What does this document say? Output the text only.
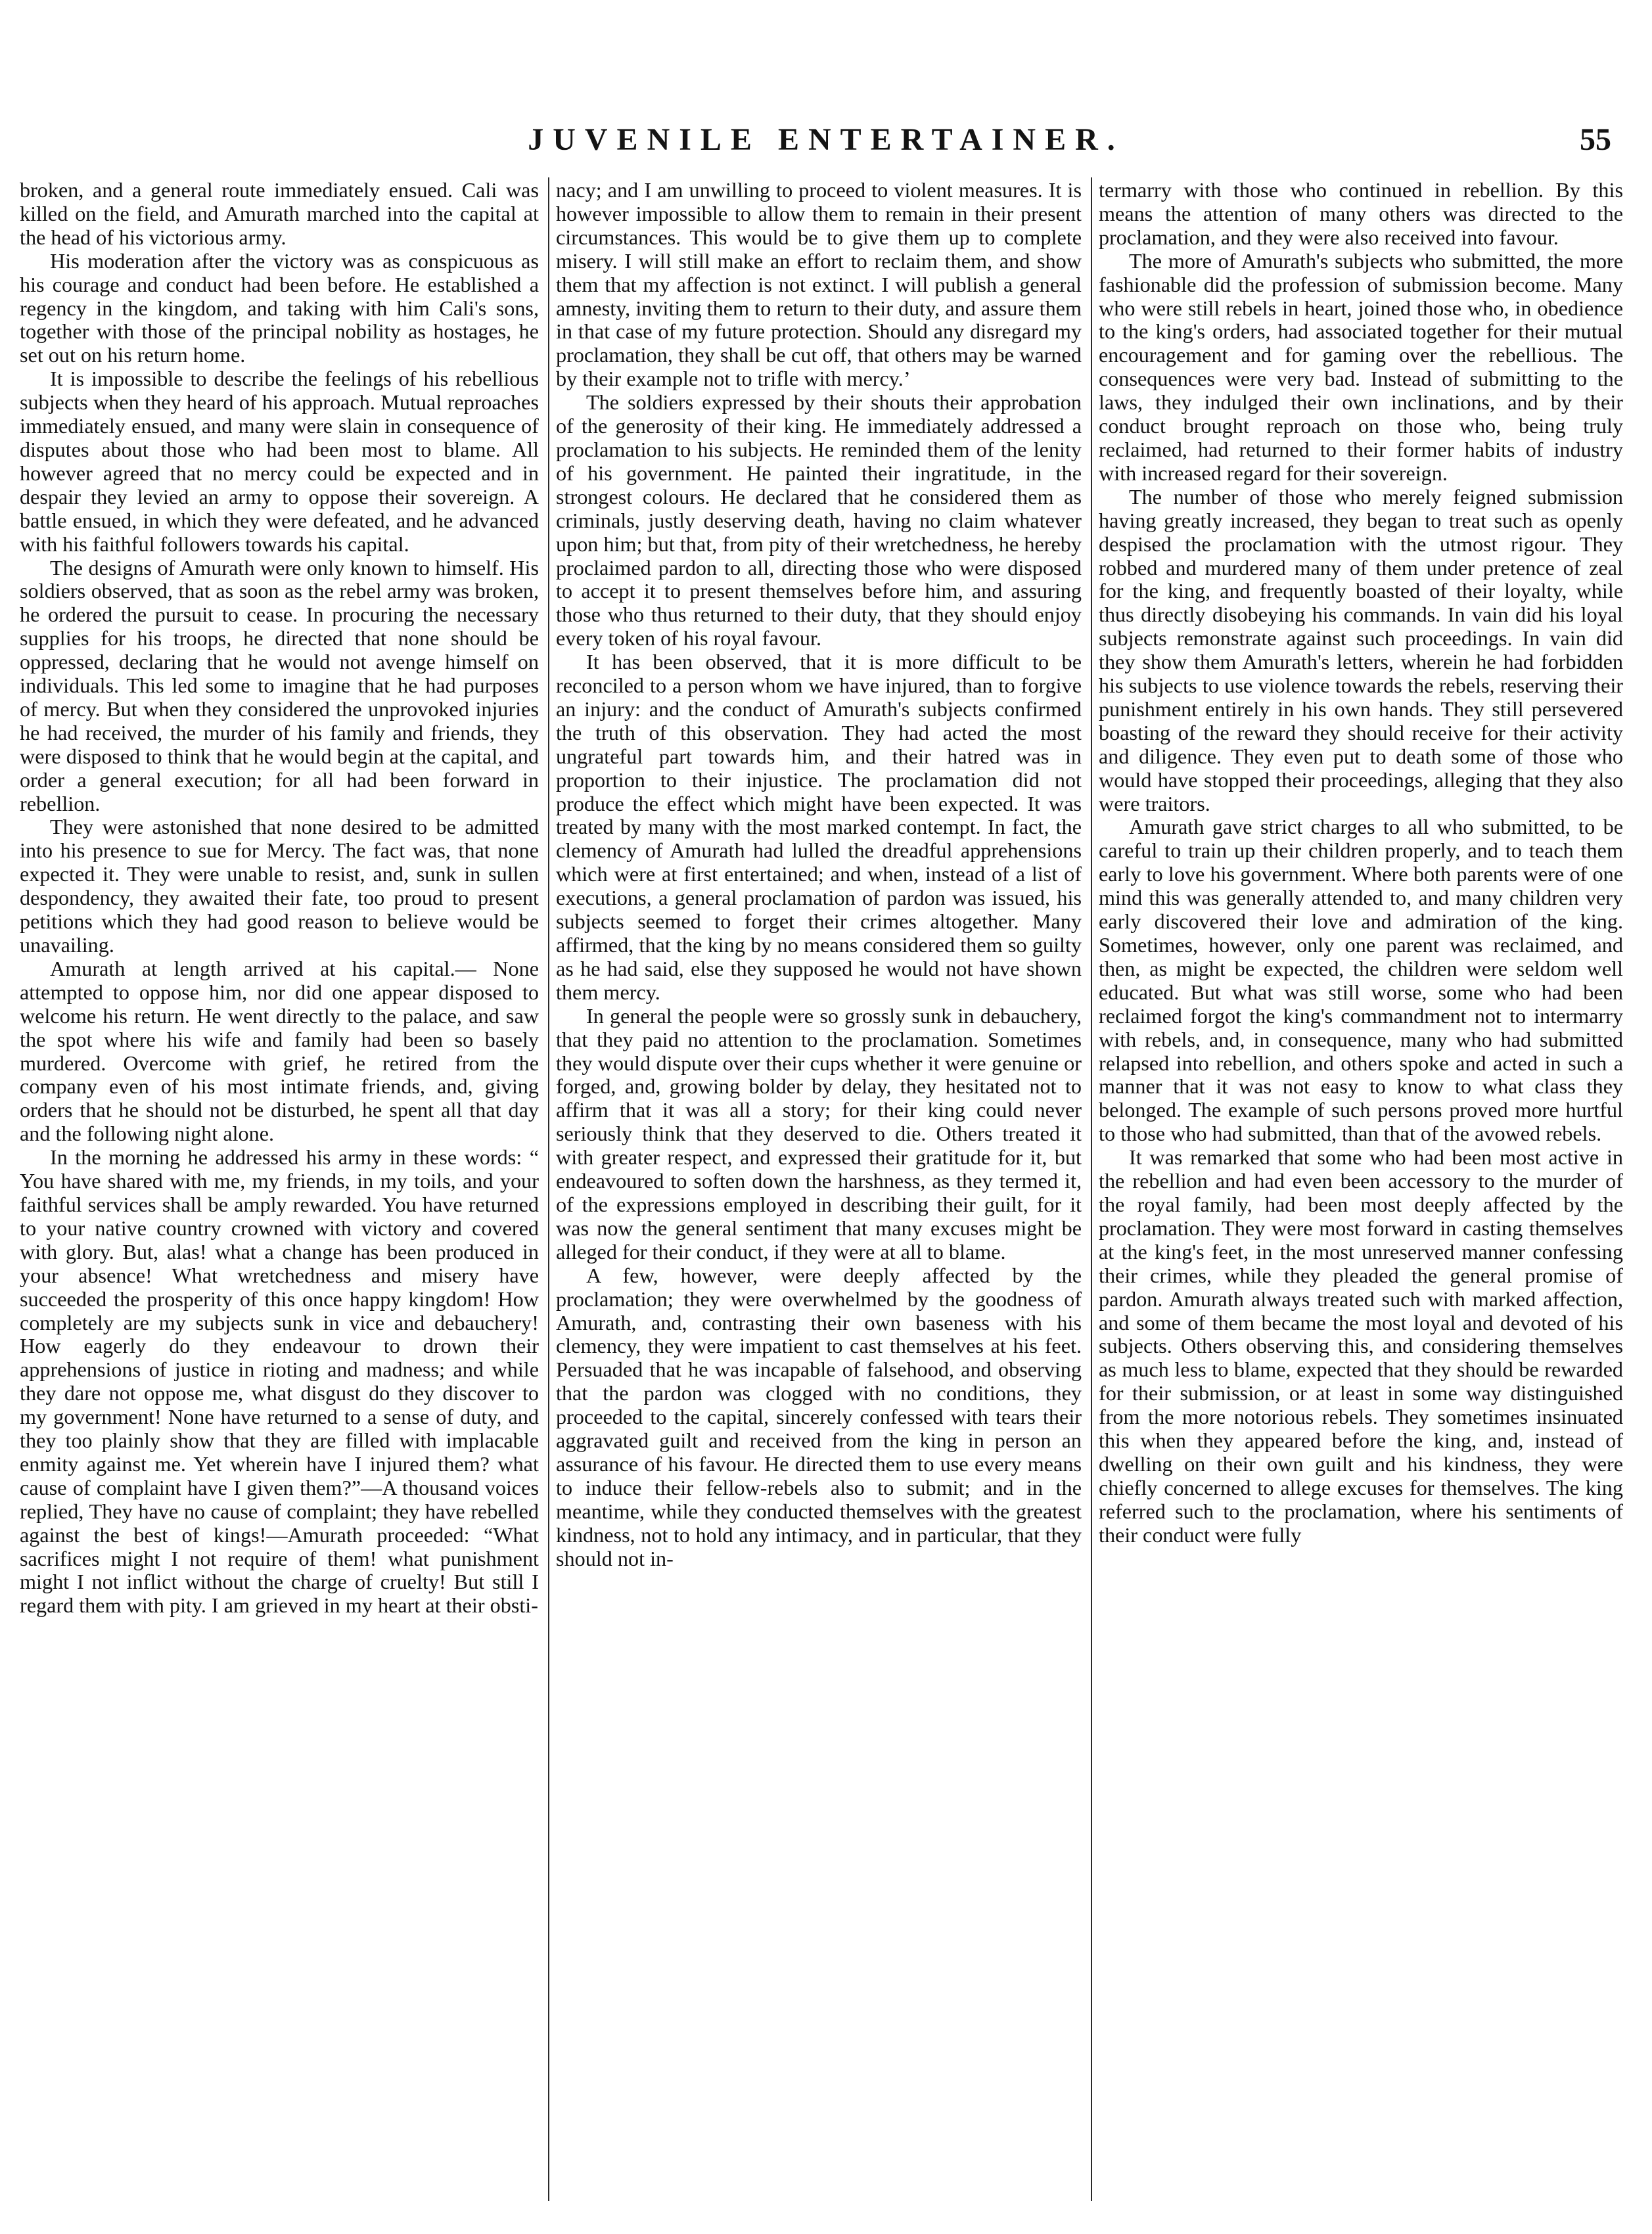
JUVENILE ENTERTAINER.	55

broken, and a general route immediately ensued. Cali was killed on the field, and Amurath marched into the capital at the head of his victorious army.

His moderation after the victory was as conspicuous as his courage and conduct had been before. He established a regency in the kingdom, and taking with him Cali's sons, together with those of the principal nobility as hostages, he set out on his return home.

It is impossible to describe the feelings of his rebellious subjects when they heard of his approach. Mutual reproaches immediately ensued, and many were slain in consequence of disputes about those who had been most to blame. All however agreed that no mercy could be expected and in despair they levied an army to oppose their sovereign. A battle ensued, in which they were defeated, and he advanced with his faithful followers towards his capital.

The designs of Amurath were only known to himself. His soldiers observed, that as soon as the rebel army was broken, he ordered the pursuit to cease. In procuring the necessary supplies for his troops, he directed that none should be oppressed, declaring that he would not avenge himself on individuals. This led some to imagine that he had purposes of mercy. But when they considered the unprovoked injuries he had received, the murder of his family and friends, they were disposed to think that he would begin at the capital, and order a general execution; for all had been forward in rebellion.

They were astonished that none desired to be admitted into his presence to sue for Mercy. The fact was, that none expected it. They were unable to resist, and, sunk in sullen despondency, they awaited their fate, too proud to present petitions which they had good reason to believe would be unavailing.

Amurath at length arrived at his capital.— None attempted to oppose him, nor did one appear disposed to welcome his return. He went directly to the palace, and saw the spot where his wife and family had been so basely murdered. Overcome with grief, he retired from the company even of his most intimate friends, and, giving orders that he should not be disturbed, he spent all that day and the following night alone.

In the morning he addressed his army in these words: “ You have shared with me, my friends, in my toils, and your faithful services shall be amply rewarded. You have returned to your native country crowned with victory and covered with glory. But, alas! what a change has been produced in your absence! What wretchedness and misery have succeeded the prosperity of this once happy kingdom! How completely are my subjects sunk in vice and debauchery! How eagerly do they endeavour to drown their apprehensions of justice in rioting and madness; and while they dare not oppose me, what disgust do they discover to my government! None have returned to a sense of duty, and they too plainly show that they are filled with implacable enmity against me. Yet wherein have I injured them? what cause of complaint have I given them?”—A thousand voices replied, They have no cause of complaint; they have rebelled against the best of kings!—Amurath proceeded: “What sacrifices might I not require of them! what punishment might I not inflict without the charge of cruelty! But still I regard them with pity. I am grieved in my heart at their obsti-

nacy; and I am unwilling to proceed to violent measures. It is however impossible to allow them to remain in their present circumstances. This would be to give them up to complete misery. I will still make an effort to reclaim them, and show them that my affection is not extinct. I will publish a general amnesty, inviting them to return to their duty, and assure them in that case of my future protection. Should any disregard my proclamation, they shall be cut off, that others may be warned by their example not to trifle with mercy.’

The soldiers expressed by their shouts their approbation of the generosity of their king. He immediately addressed a proclamation to his subjects. He reminded them of the lenity of his government. He painted their ingratitude, in the strongest colours. He declared that he considered them as criminals, justly deserving death, having no claim whatever upon him; but that, from pity of their wretchedness, he hereby proclaimed pardon to all, directing those who were disposed to accept it to present themselves before him, and assuring those who thus returned to their duty, that they should enjoy every token of his royal favour.

It has been observed, that it is more difficult to be reconciled to a person whom we have injured, than to forgive an injury: and the conduct of Amurath's subjects confirmed the truth of this observation. They had acted the most ungrateful part towards him, and their hatred was in proportion to their injustice. The proclamation did not produce the effect which might have been expected. It was treated by many with the most marked contempt. In fact, the clemency of Amurath had lulled the dreadful apprehensions which were at first entertained; and when, instead of a list of executions, a general proclamation of pardon was issued, his subjects seemed to forget their crimes altogether. Many affirmed, that the king by no means considered them so guilty as he had said, else they supposed he would not have shown them mercy.

In general the people were so grossly sunk in debauchery, that they paid no attention to the proclamation. Sometimes they would dispute over their cups whether it were genuine or forged, and, growing bolder by delay, they hesitated not to affirm that it was all a story; for their king could never seriously think that they deserved to die. Others treated it with greater respect, and expressed their gratitude for it, but endeavoured to soften down the harshness, as they termed it, of the expressions employed in describing their guilt, for it was now the general sentiment that many excuses might be alleged for their conduct, if they were at all to blame.

A few, however, were deeply affected by the proclamation; they were overwhelmed by the goodness of Amurath, and, contrasting their own baseness with his clemency, they were impatient to cast themselves at his feet. Persuaded that he was incapable of falsehood, and observing that the pardon was clogged with no conditions, they proceeded to the capital, sincerely confessed with tears their aggravated guilt and received from the king in person an assurance of his favour. He directed them to use every means to induce their fellow-rebels also to submit; and in the meantime, while they conducted themselves with the greatest kindness, not to hold any intimacy, and in particular, that they should not in-

termarry with those who continued in rebellion. By this means the attention of many others was directed to the proclamation, and they were also received into favour.

The more of Amurath's subjects who submitted, the more fashionable did the profession of submission become. Many who were still rebels in heart, joined those who, in obedience to the king's orders, had associated together for their mutual encouragement and for gaming over the rebellious. The consequences were very bad. Instead of submitting to the laws, they indulged their own inclinations, and by their conduct brought reproach on those who, being truly reclaimed, had returned to their former habits of industry with increased regard for their sovereign.

The number of those who merely feigned submission having greatly increased, they began to treat such as openly despised the proclamation with the utmost rigour. They robbed and murdered many of them under pretence of zeal for the king, and frequently boasted of their loyalty, while thus directly disobeying his commands. In vain did his loyal subjects remonstrate against such proceedings. In vain did they show them Amurath's letters, wherein he had forbidden his subjects to use violence towards the rebels, reserving their punishment entirely in his own hands. They still persevered boasting of the reward they should receive for their activity and diligence. They even put to death some of those who would have stopped their proceedings, alleging that they also were traitors.

Amurath gave strict charges to all who submitted, to be careful to train up their children properly, and to teach them early to love his government. Where both parents were of one mind this was generally attended to, and many children very early discovered their love and admiration of the king. Sometimes, however, only one parent was reclaimed, and then, as might be expected, the children were seldom well educated. But what was still worse, some who had been reclaimed forgot the king's commandment not to intermarry with rebels, and, in consequence, many who had submitted relapsed into rebellion, and others spoke and acted in such a manner that it was not easy to know to what class they belonged. The example of such persons proved more hurtful to those who had submitted, than that of the avowed rebels.

It was remarked that some who had been most active in the rebellion and had even been accessory to the murder of the royal family, had been most deeply affected by the proclamation. They were most forward in casting themselves at the king's feet, in the most unreserved manner confessing their crimes, while they pleaded the general promise of pardon. Amurath always treated such with marked affection, and some of them became the most loyal and devoted of his subjects. Others observing this, and considering themselves as much less to blame, expected that they should be rewarded for their submission, or at least in some way distinguished from the more notorious rebels. They sometimes insinuated this when they appeared before the king, and, instead of dwelling on their own guilt and his kindness, they were chiefly concerned to allege excuses for themselves. The king referred such to the proclamation, where his sentiments of their conduct were fully
